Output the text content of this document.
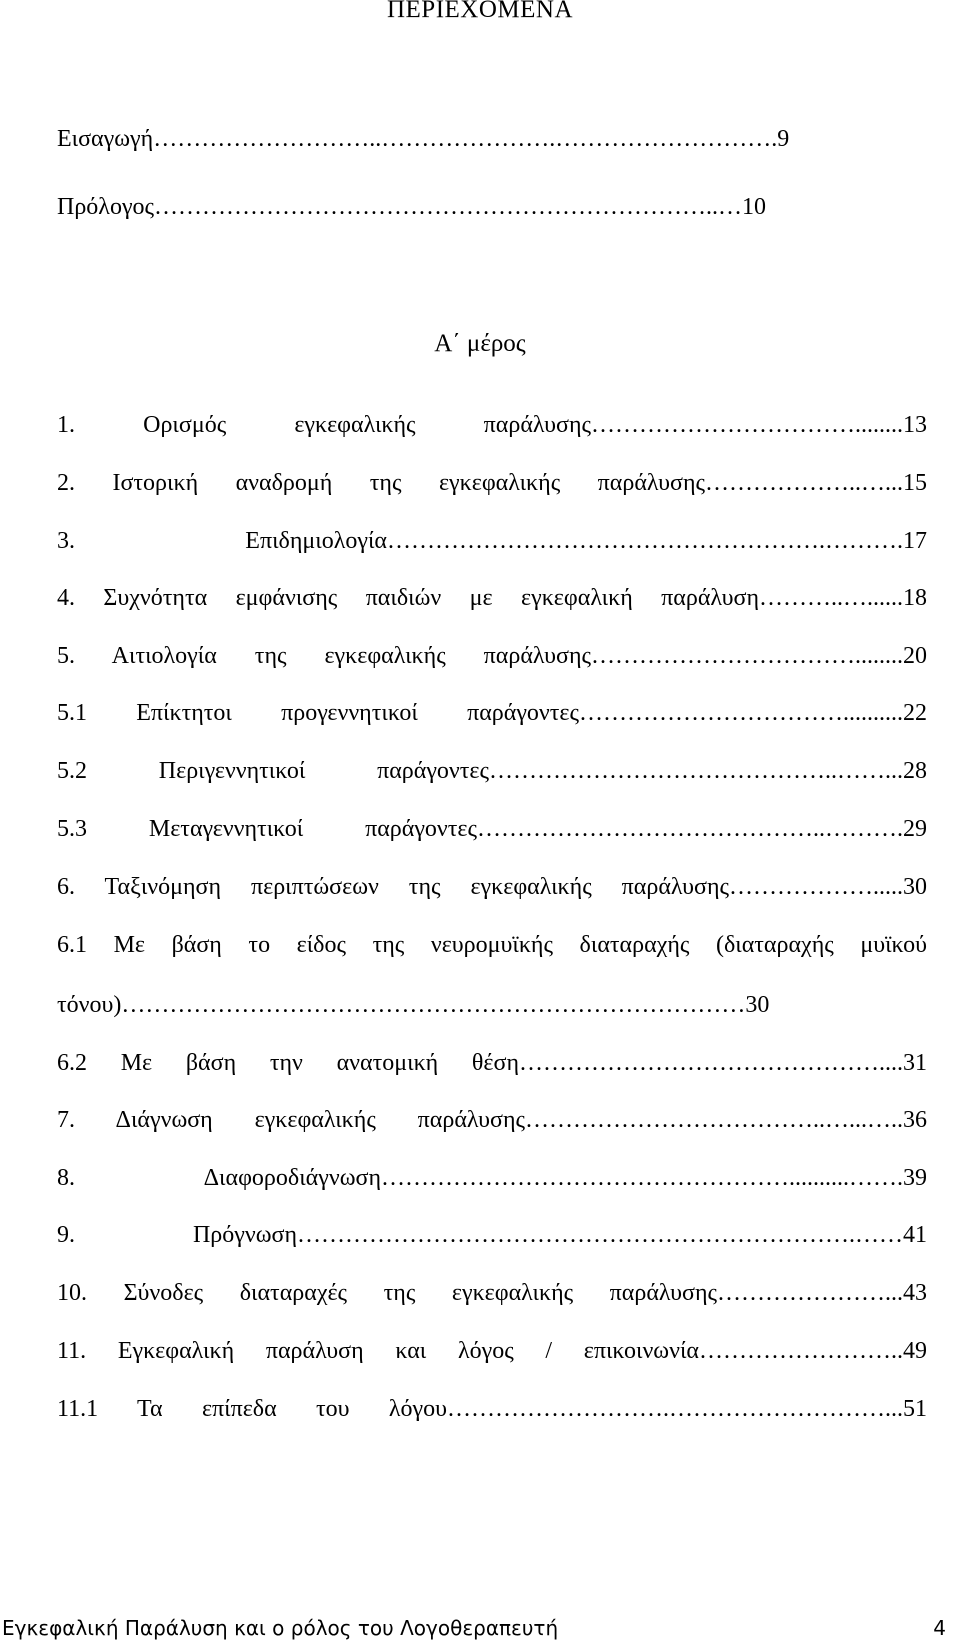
ΠΕΡΙΕΧΟΜΕΝΑ
Εισαγωγή………………………..………………….……………………….9
Πρόλογος……………………………………………………………..…10
Α΄ μέρος
1. Ορισμός εγκεφαλικής παράλυσης……………………………........13
2. Ιστορική αναδρομή της εγκεφαλικής παράλυσης………………..…...15
3. Επιδημιολογία……………………………………………….……….17
4. Συχνότητα εμφάνισης παιδιών με εγκεφαλική παράλυση………..…......18
5. Αιτιολογία της εγκεφαλικής παράλυσης……………………………........20
5.1 Επίκτητοι προγεννητικοί παράγοντες……………………………..........22
5.2 Περιγεννητικοί παράγοντες……………………………………..……...28
5.3 Μεταγεννητικοί παράγοντες……………………………………..……….29
6. Ταξινόμηση περιπτώσεων της εγκεφαλικής παράλυσης……………….....30
6.1 Με βάση το είδος της νευρομυϊκής διαταραχής (διαταραχής μυϊκού
τόνου)……………………………………………………………………30
6.2 Με βάση την ανατομική θέση………………………………………....31
7. Διάγνωση εγκεφαλικής παράλυσης………………………………..…...…..36
8. Διαφοροδιάγνωση……………………………………………..........…….39
9. Πρόγνωση…………………………………………………………….……41
10. Σύνοδες διαταραχές της εγκεφαλικής παράλυσης…………………...43
11. Εγκεφαλική παράλυση και λόγος / επικοινωνία……………………..49
11.1 Τα επίπεδα του λόγου……………………….………………………...51
Εγκεφαλική Παράλυση και ο ρόλος του Λογοθεραπευτή	4
